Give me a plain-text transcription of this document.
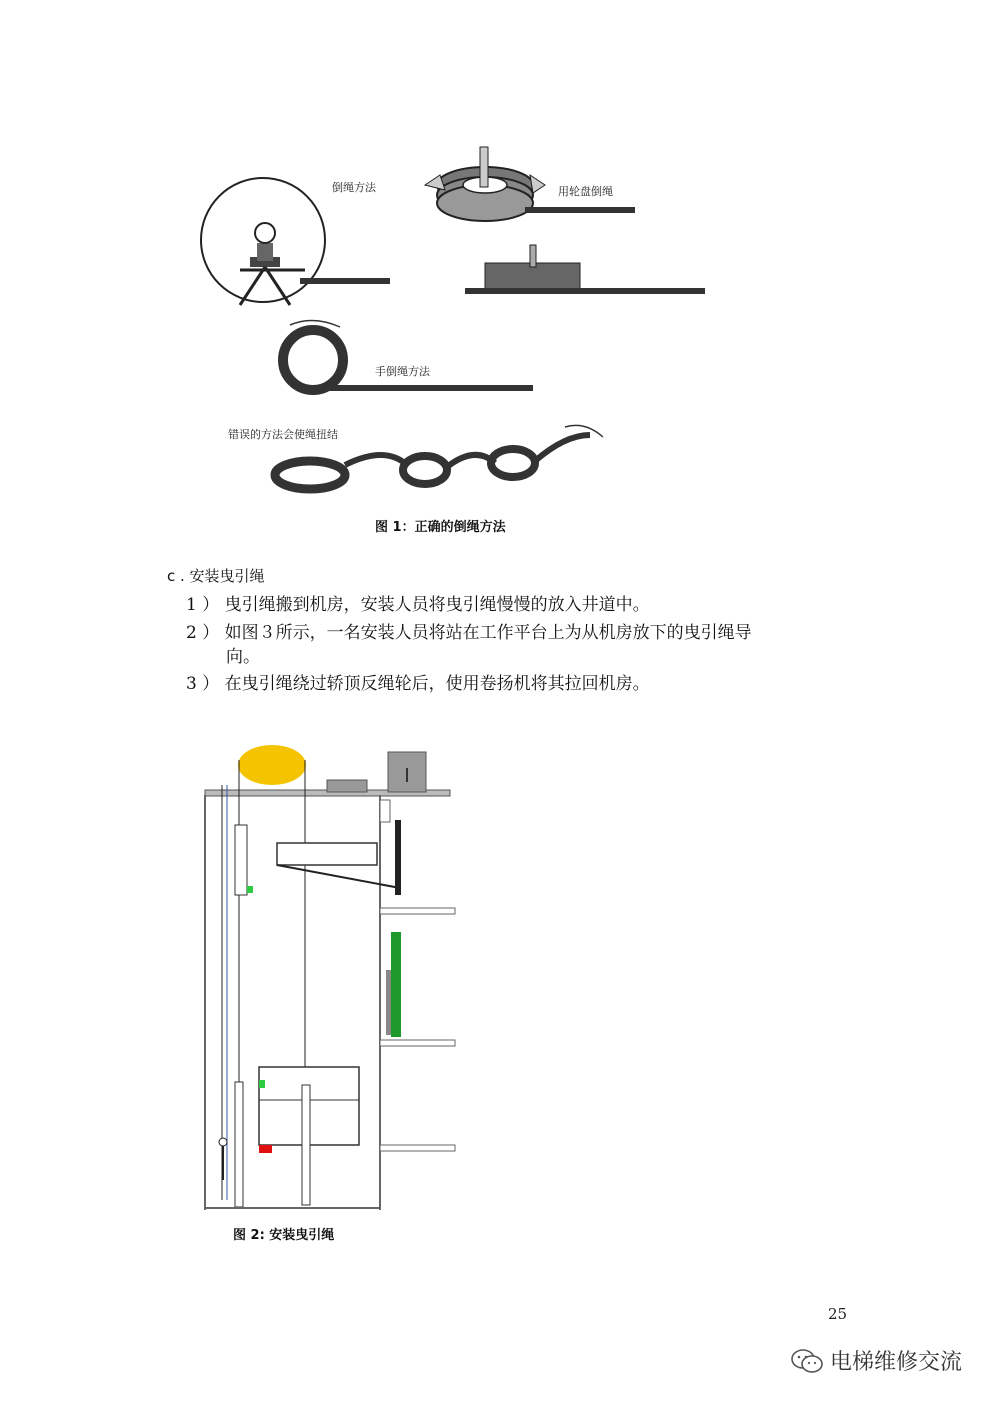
倒绳方法	用轮盘倒绳
手倒绳方法
错误的方法会使绳扭结
图 1：正确的倒绳方法
c . 安装曳引绳
1 ） 曳引绳搬到机房，安装人员将曳引绳慢慢的放入井道中。
2 ） 如图３所示，一名安装人员将站在工作平台上为从机房放下的曳引绳导
向。
3 ） 在曳引绳绕过轿顶反绳轮后，使用卷扬机将其拉回机房。
图 2: 安装曳引绳
25
电梯维修交流
